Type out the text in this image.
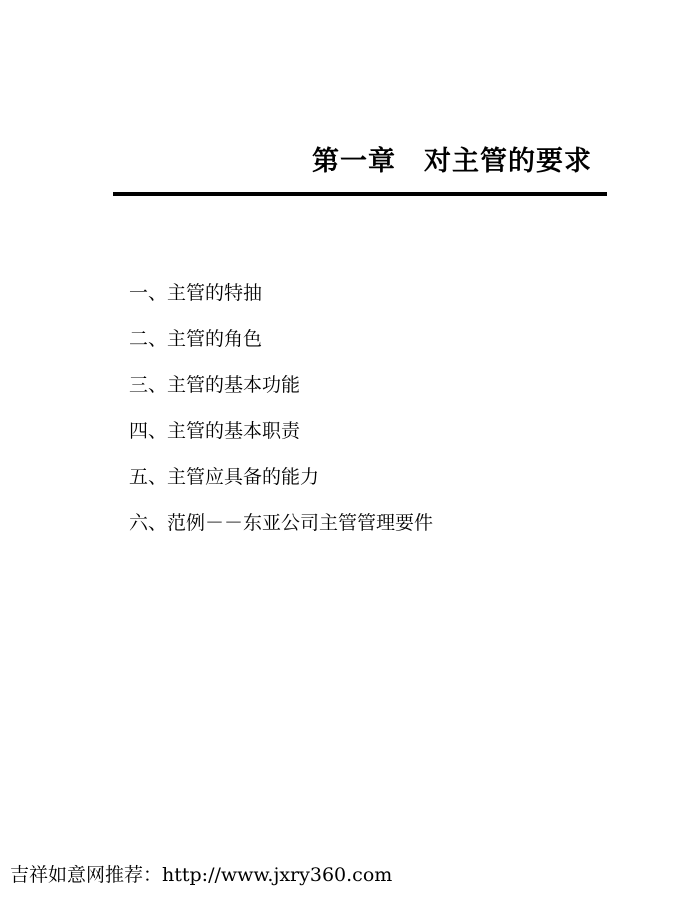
第一章　对主管的要求
一、主管的特抽
二、主管的角色
三、主管的基本功能
四、主管的基本职责
五、主管应具备的能力
六、范例－－东亚公司主管管理要件
吉祥如意网推荐：http://www.jxry360.com
